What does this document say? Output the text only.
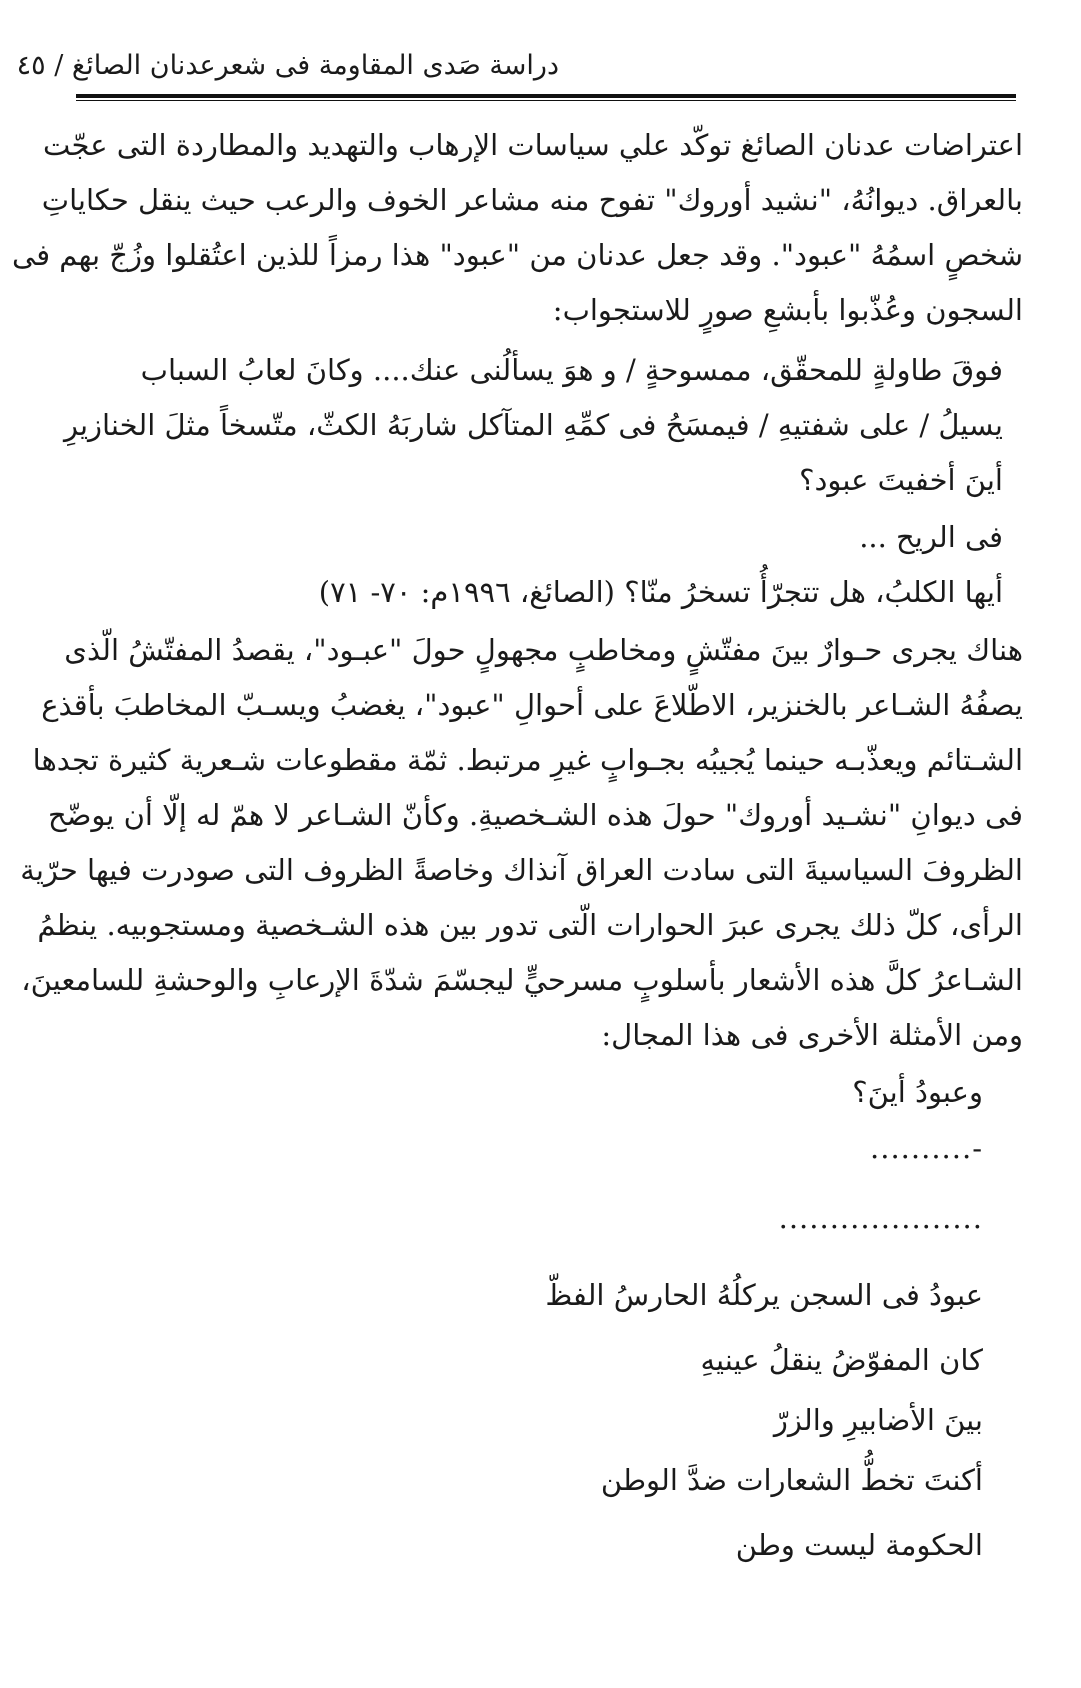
دراسة صَدى المقاومة فى شعرعدنان الصائغ / ٤٥
اعتراضات عدنان الصائغ توكّد علي سياسات الإرهاب والتهديد والمطاردة التى عجّت
بالعراق. ديوانُهُ، "نشيد أوروك" تفوح منه مشاعر الخوف والرعب حيث ينقل حكاياتِ
شخصٍ اسمُهُ "عبود". وقد جعل عدنان من "عبود" هذا رمزاً للذين اعتُقلوا وزُجّ بهم فى
السجون وعُذّبوا بأبشعِ صورٍ للاستجواب:
فوقَ طاولةٍ للمحقّق، ممسوحةٍ / و هوَ يسألُنى عنك.... وكانَ لعابُ السباب
يسيلُ / على شفتيهِ / فيمسَحُ فى كمِّهِ المتآكل شاربَهُ الكثّ، متّسخاً مثلَ الخنازيرِ
أينَ أخفيتَ عبود؟
فى الريح ...
أيها الكلبُ، هل تتجرّأُ تسخرُ منّا؟ (الصائغ، ١٩٩٦م: ٧٠- ٧١)
هناك يجرى حـوارٌ بينَ مفتّشٍ ومخاطبٍ مجهولٍ حولَ "عبـود"، يقصدُ المفتّشُ الّذى
يصفُهُ الشـاعر بالخنزير، الاطّلاعَ على أحوالِ "عبود"، يغضبُ ويسـبّ المخاطبَ بأقذع
الشـتائم ويعذّبـه حينما يُجيبُه بجـوابٍ غيرِ مرتبط. ثمّة مقطوعات شـعرية كثيرة تجدها
فى ديوانِ "نشـيد أوروك" حولَ هذه الشـخصيةِ. وكأنّ الشـاعر لا همّ له إلّا أن يوضّح
الظروفَ السياسيةَ التى سادت العراق آنذاك وخاصةً الظروف التى صودرت فيها حرّية
الرأى، كلّ ذلك يجرى عبرَ الحوارات الّتى تدور بين هذه الشـخصية ومستجوبيه. ينظمُ
الشـاعرُ كلَّ هذه الأشعار بأسلوبٍ مسرحيٍّ ليجسّمَ شدّةَ الإرعابِ والوحشةِ للسامعينَ،
ومن الأمثلة الأخرى فى هذا المجال:
وعبودُ أينَ؟
-..........
....................
عبودُ فى السجن يركلُهُ الحارسُ الفظّ
كان المفوّضُ ينقلُ عينيهِ
بينَ الأضابيرِ والزرّ
أكنتَ تخطُّ الشعارات ضدَّ الوطن
الحكومة ليست وطن
